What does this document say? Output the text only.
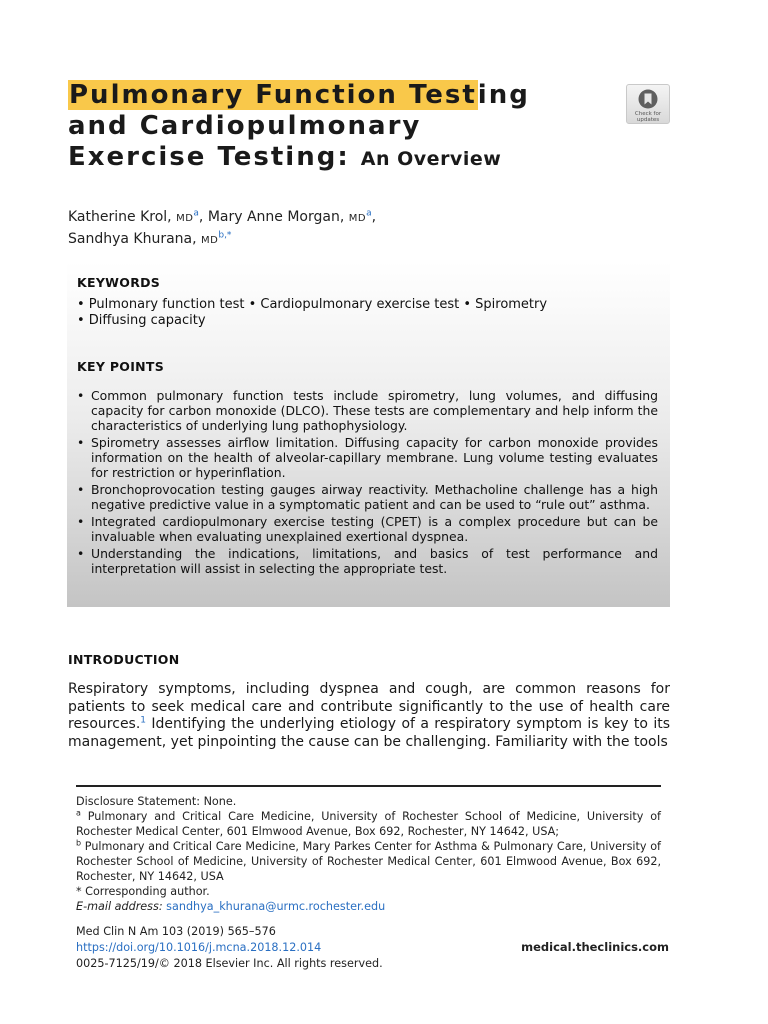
Pulmonary Function Testing
and Cardiopulmonary
Exercise Testing: An Overview
Check for
updates
Katherine Krol, $MD^a$, Mary Anne Morgan, $MD^a$,
Sandhya Khurana, $MD^{b,*}$
KEYWORDS
• Pulmonary function test • Cardiopulmonary exercise test • Spirometry
• Diffusing capacity
KEY POINTS
• Common pulmonary function tests include spirometry, lung volumes, and diffusing capacity for carbon monoxide (DLCO). These tests are complementary and help inform the characteristics of underlying lung pathophysiology.
• Spirometry assesses airflow limitation. Diffusing capacity for carbon monoxide provides information on the health of alveolar-capillary membrane. Lung volume testing evaluates for restriction or hyperinflation.
• Bronchoprovocation testing gauges airway reactivity. Methacholine challenge has a high negative predictive value in a symptomatic patient and can be used to “rule out” asthma.
• Integrated cardiopulmonary exercise testing (CPET) is a complex procedure but can be invaluable when evaluating unexplained exertional dyspnea.
• Understanding the indications, limitations, and basics of test performance and interpretation will assist in selecting the appropriate test.
INTRODUCTION
Respiratory symptoms, including dyspnea and cough, are common reasons for patients to seek medical care and contribute significantly to the use of health care resources.$^1$ Identifying the underlying etiology of a respiratory symptom is key to its management, yet pinpointing the cause can be challenging. Familiarity with the tools
Disclosure Statement: None.
$^a$ Pulmonary and Critical Care Medicine, University of Rochester School of Medicine, University of Rochester Medical Center, 601 Elmwood Avenue, Box 692, Rochester, NY 14642, USA;
$^b$ Pulmonary and Critical Care Medicine, Mary Parkes Center for Asthma & Pulmonary Care, University of Rochester School of Medicine, University of Rochester Medical Center, 601 Elmwood Avenue, Box 692, Rochester, NY 14642, USA
* Corresponding author.
E-mail address: sandhya_khurana@urmc.rochester.edu
Med Clin N Am 103 (2019) 565–576
https://doi.org/10.1016/j.mcna.2018.12.014
0025-7125/19/© 2018 Elsevier Inc. All rights reserved.
medical.theclinics.com
